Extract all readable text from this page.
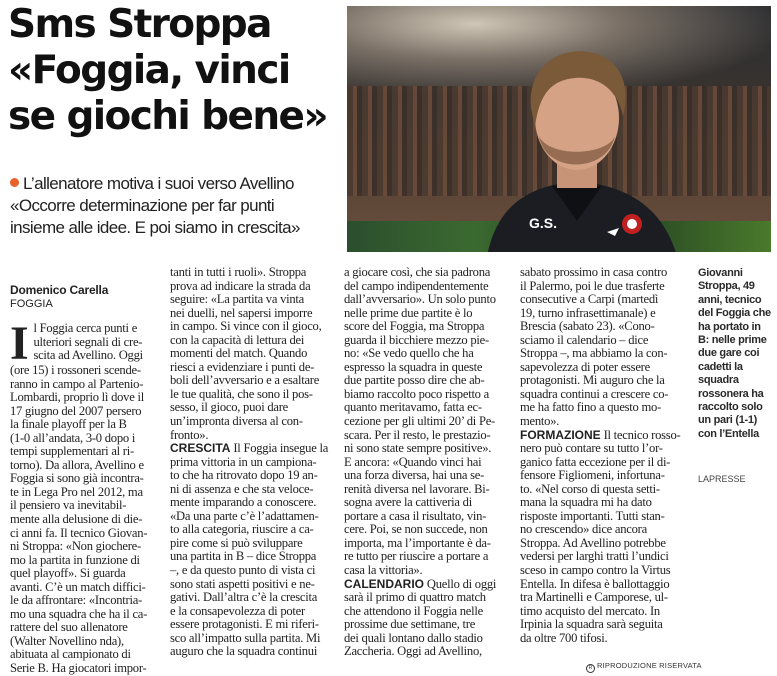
Sms Stroppa
«Foggia, vinci
se giochi bene»
L’allenatore motiva i suoi verso Avellino
«Occorre determinazione per far punti
insieme alle idee. E poi siamo in crescita»	G.S.
Domenico Carella
FOGGIA
I l Foggia cerca punti e
ulteriori segnali di cre-
scita ad Avellino. Oggi
(ore 15) i rossoneri scende-
ranno in campo al Partenio-
Lombardi, proprio lì dove il
17 giugno del 2007 persero
la finale playoff per la B
(1-0 all’andata, 3-0 dopo i
tempi supplementari al ri-
torno). Da allora, Avellino e
Foggia si sono già incontra-
te in Lega Pro nel 2012, ma
il pensiero va inevitabil-
mente alla delusione di die-
ci anni fa. Il tecnico Giovan-
ni Stroppa: «Non giochere-
mo la partita in funzione di
quel playoff». Si guarda
avanti. C’è un match diffici-
le da affrontare: «Incontria-
mo una squadra che ha il ca-
rattere del suo allenatore
(Walter Novellino nda),
abituata al campionato di
Serie B. Ha giocatori impor-
tanti in tutti i ruoli». Stroppa
prova ad indicare la strada da
seguire: «La partita va vinta
nei duelli, nel sapersi imporre
in campo. Si vince con il gioco,
con la capacità di lettura dei
momenti del match. Quando
riesci a evidenziare i punti de-
boli dell’avversario e a esaltare
le tue qualità, che sono il pos-
sesso, il gioco, puoi dare
un’impronta diversa al con-
fronto».
CRESCITA Il Foggia insegue la
prima vittoria in un campiona-
to che ha ritrovato dopo 19 an-
ni di assenza e che sta veloce-
mente imparando a conoscere.
«Da una parte c’è l’adattamen-
to alla categoria, riuscire a ca-
pire come si può sviluppare
una partita in B – dice Stroppa
–, e da questo punto di vista ci
sono stati aspetti positivi e ne-
gativi. Dall’altra c’è la crescita
e la consapevolezza di poter
essere protagonisti. E mi riferi-
sco all’impatto sulla partita. Mi
auguro che la squadra continui
a giocare così, che sia padrona
del campo indipendentemente
dall’avversario». Un solo punto
nelle prime due partite è lo
score del Foggia, ma Stroppa
guarda il bicchiere mezzo pie-
no: «Se vedo quello che ha
espresso la squadra in queste
due partite posso dire che ab-
biamo raccolto poco rispetto a
quanto meritavamo, fatta ec-
cezione per gli ultimi 20’ di Pe-
scara. Per il resto, le prestazio-
ni sono state sempre positive».
E ancora: «Quando vinci hai
una forza diversa, hai una se-
renità diversa nel lavorare. Bi-
sogna avere la cattiveria di
portare a casa il risultato, vin-
cere. Poi, se non succede, non
importa, ma l’importante è da-
re tutto per riuscire a portare a
casa la vittoria».
CALENDARIO Quello di oggi
sarà il primo di quattro match
che attendono il Foggia nelle
prossime due settimane, tre
dei quali lontano dallo stadio
Zaccheria. Oggi ad Avellino,
sabato prossimo in casa contro
il Palermo, poi le due trasferte
consecutive a Carpi (martedì
19, turno infrasettimanale) e
Brescia (sabato 23). «Cono-
sciamo il calendario – dice
Stroppa –, ma abbiamo la con-
sapevolezza di poter essere
protagonisti. Mi auguro che la
squadra continui a crescere co-
me ha fatto fino a questo mo-
mento».
FORMAZIONE Il tecnico rosso-
nero può contare su tutto l’or-
ganico fatta eccezione per il di-
fensore Figliomeni, infortuna-
to. «Nel corso di questa setti-
mana la squadra mi ha dato
risposte importanti. Tutti stan-
no crescendo» dice ancora
Stroppa. Ad Avellino potrebbe
vedersi per larghi tratti l’undici
sceso in campo contro la Virtus
Entella. In difesa è ballottaggio
tra Martinelli e Camporese, ul-
timo acquisto del mercato. In
Irpinia la squadra sarà seguita
da oltre 700 tifosi.
Giovanni
Stroppa, 49
anni, tecnico
del Foggia che
ha portato in
B: nelle prime
due gare coi
cadetti la
squadra
rossonera ha
raccolto solo
un pari (1-1)
con l’Entella
LAPRESSE
R RIPRODUZIONE RISERVATA
